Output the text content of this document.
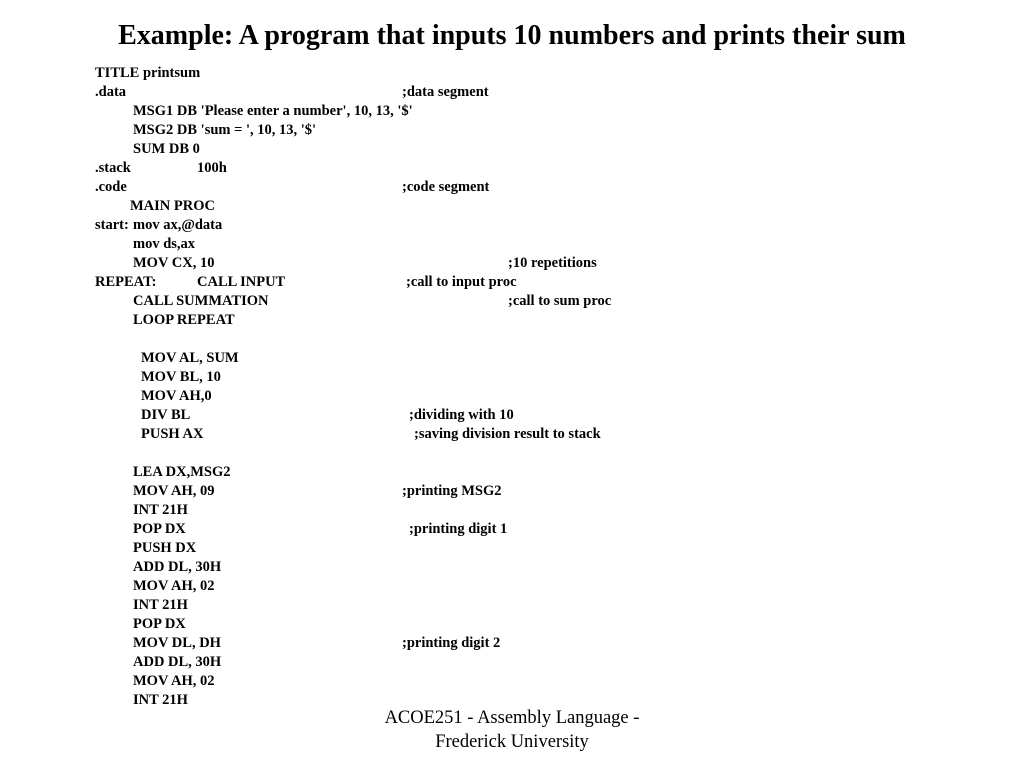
Example: A program that inputs 10 numbers and prints their sum
TITLE printsum
.data	;data segment
MSG1 DB 'Please enter a number', 10, 13, '$'
MSG2 DB 'sum = ', 10, 13, '$'
SUM DB 0
.stack	100h
.code	;code segment
MAIN PROC
start: mov ax,@data
mov ds,ax
MOV CX, 10	;10 repetitions
REPEAT:	CALL INPUT	;call to input proc
CALL SUMMATION	;call to sum proc
LOOP REPEAT
MOV AL, SUM
MOV BL, 10
MOV AH,0
DIV BL	;dividing with 10
PUSH AX	;saving division result to stack
LEA DX,MSG2
MOV AH, 09	;printing MSG2
INT 21H
POP DX	;printing digit 1
PUSH DX
ADD DL, 30H
MOV AH, 02
INT 21H
POP DX
MOV DL, DH	;printing digit 2
ADD DL, 30H
MOV AH, 02
INT 21H
ACOE251 - Assembly Language -
Frederick University
